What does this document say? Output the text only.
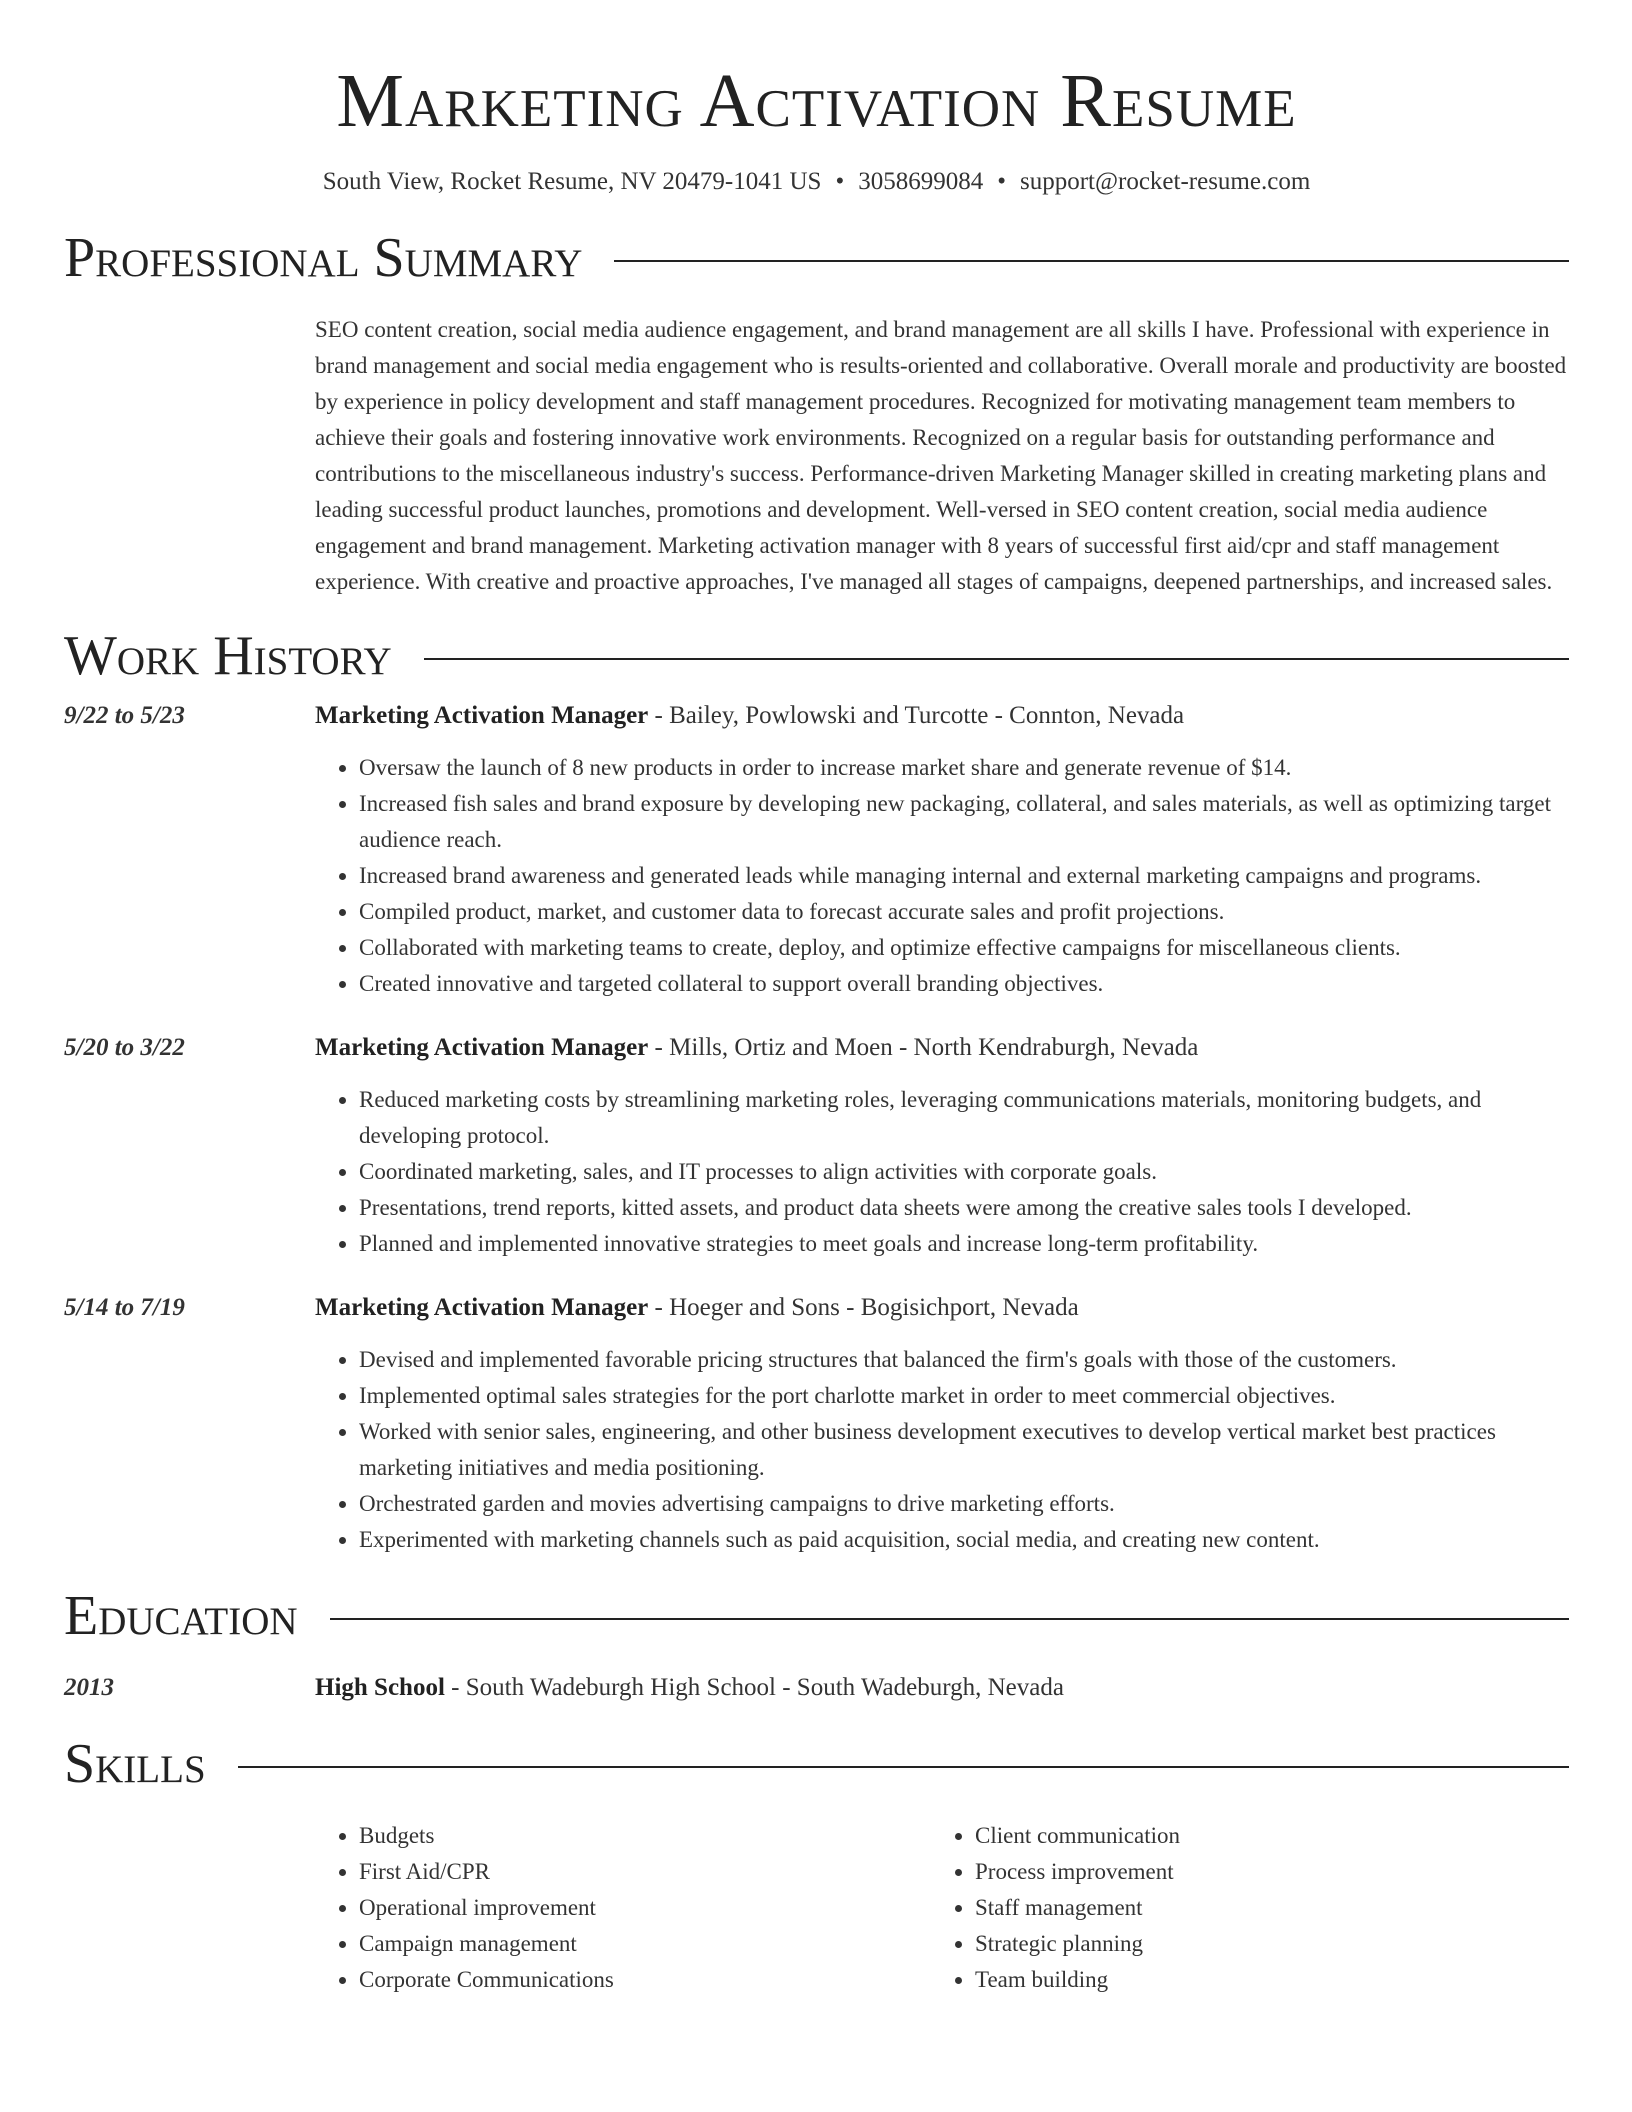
Marketing Activation Resume
South View, Rocket Resume, NV 20479-1041 US • 3058699084 • support@rocket-resume.com
Professional Summary

SEO content creation, social media audience engagement, and brand management are all skills I have. Professional with experience in brand management and social media engagement who is results-oriented and collaborative. Overall morale and productivity are boosted by experience in policy development and staff management procedures. Recognized for motivating management team members to achieve their goals and fostering innovative work environments. Recognized on a regular basis for outstanding performance and contributions to the miscellaneous industry's success. Performance-driven Marketing Manager skilled in creating marketing plans and leading successful product launches, promotions and development. Well-versed in SEO content creation, social media audience engagement and brand management. Marketing activation manager with 8 years of successful first aid/cpr and staff management experience. With creative and proactive approaches, I've managed all stages of campaigns, deepened partnerships, and increased sales.

Work History
9/22 to 5/23	Marketing Activation Manager - Bailey, Powlowski and Turcotte - Connton, Nevada
• Oversaw the launch of 8 new products in order to increase market share and generate revenue of $14.
• Increased fish sales and brand exposure by developing new packaging, collateral, and sales materials, as well as optimizing target audience reach.
• Increased brand awareness and generated leads while managing internal and external marketing campaigns and programs.
• Compiled product, market, and customer data to forecast accurate sales and profit projections.
• Collaborated with marketing teams to create, deploy, and optimize effective campaigns for miscellaneous clients.
• Created innovative and targeted collateral to support overall branding objectives.
5/20 to 3/22	Marketing Activation Manager - Mills, Ortiz and Moen - North Kendraburgh, Nevada
• Reduced marketing costs by streamlining marketing roles, leveraging communications materials, monitoring budgets, and developing protocol.
• Coordinated marketing, sales, and IT processes to align activities with corporate goals.
• Presentations, trend reports, kitted assets, and product data sheets were among the creative sales tools I developed.
• Planned and implemented innovative strategies to meet goals and increase long-term profitability.
5/14 to 7/19	Marketing Activation Manager - Hoeger and Sons - Bogisichport, Nevada
• Devised and implemented favorable pricing structures that balanced the firm's goals with those of the customers.
• Implemented optimal sales strategies for the port charlotte market in order to meet commercial objectives.
• Worked with senior sales, engineering, and other business development executives to develop vertical market best practices marketing initiatives and media positioning.
• Orchestrated garden and movies advertising campaigns to drive marketing efforts.
• Experimented with marketing channels such as paid acquisition, social media, and creating new content.
Education
2013	High School - South Wadeburgh High School - South Wadeburgh, Nevada
Skills
• Budgets
• First Aid/CPR
• Operational improvement
• Campaign management
• Corporate Communications
• Client communication
• Process improvement
• Staff management
• Strategic planning
• Team building
